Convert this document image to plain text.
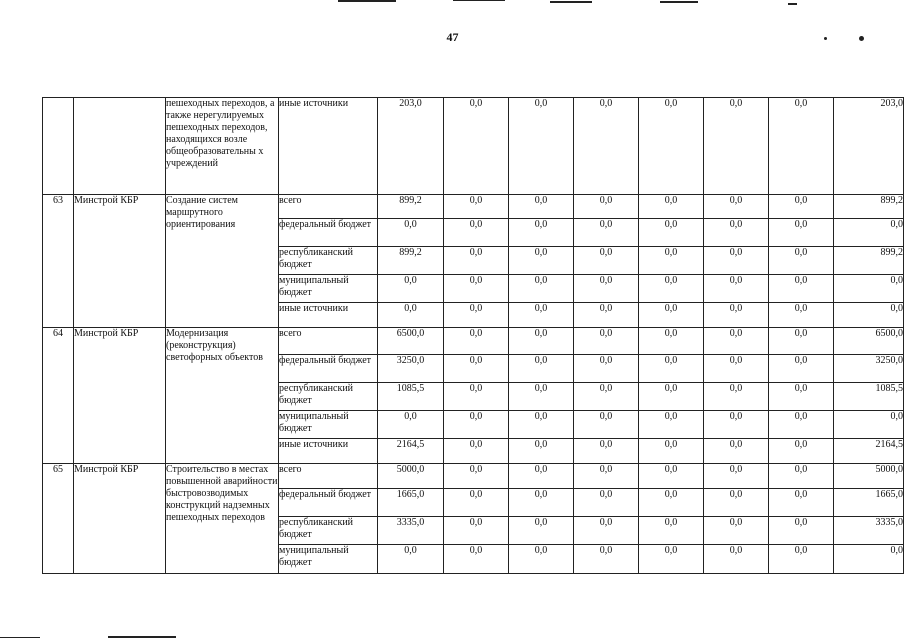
47
		пешеходных переходов, а также нерегулируемых пешеходных переходов, находящихся возле общеобразовательны х учреждений	иные источники	203,0	0,0	0,0	0,0	0,0	0,0	0,0	203,0
63	Минстрой КБР	Создание систем маршрутного ориентирования	всего	899,2	0,0	0,0	0,0	0,0	0,0	0,0	899,2
			федеральный бюджет	0,0	0,0	0,0	0,0	0,0	0,0	0,0	0,0
			республиканский бюджет	899,2	0,0	0,0	0,0	0,0	0,0	0,0	899,2
			муниципальный бюджет	0,0	0,0	0,0	0,0	0,0	0,0	0,0	0,0
			иные источники	0,0	0,0	0,0	0,0	0,0	0,0	0,0	0,0
64	Минстрой КБР	Модернизация (реконструкция) светофорных объектов	всего	6500,0	0,0	0,0	0,0	0,0	0,0	0,0	6500,0
			федеральный бюджет	3250,0	0,0	0,0	0,0	0,0	0,0	0,0	3250,0
			республиканский бюджет	1085,5	0,0	0,0	0,0	0,0	0,0	0,0	1085,5
			муниципальный бюджет	0,0	0,0	0,0	0,0	0,0	0,0	0,0	0,0
			иные источники	2164,5	0,0	0,0	0,0	0,0	0,0	0,0	2164,5
65	Минстрой КБР	Строительство в местах повышенной аварийности быстровозводимых конструкций надземных пешеходных переходов	всего	5000,0	0,0	0,0	0,0	0,0	0,0	0,0	5000,0
			федеральный бюджет	1665,0	0,0	0,0	0,0	0,0	0,0	0,0	1665,0
			республиканский бюджет	3335,0	0,0	0,0	0,0	0,0	0,0	0,0	3335,0
			муниципальный бюджет	0,0	0,0	0,0	0,0	0,0	0,0	0,0	0,0
